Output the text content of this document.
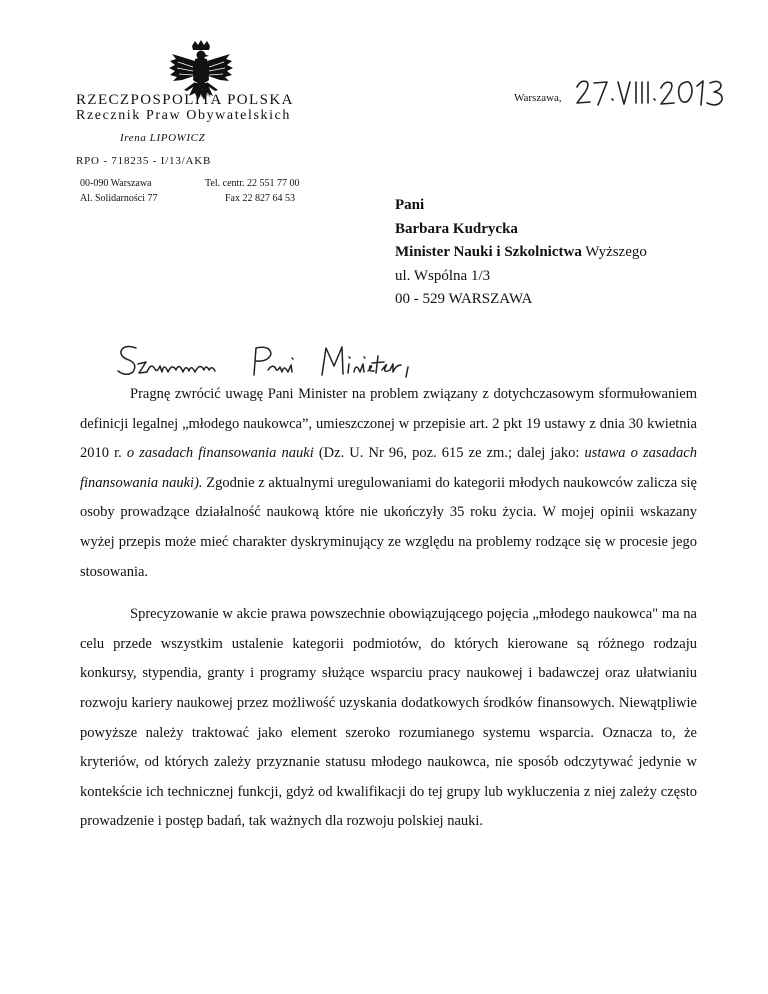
RZECZPOSPOLITA POLSKA
Rzecznik Praw Obywatelskich
Irena LIPOWICZ
RPO - 718235 - I/13/AKB
00-090 Warszawa
Al. Solidarności 77
Tel. centr. 22 551 77 00
Fax 22 827 64 53
Warszawa,
Pani
Barbara Kudrycka
Minister Nauki i Szkolnictwa Wyższego
ul. Wspólna 1/3
00 - 529 WARSZAWA

Pragnę zwrócić uwagę Pani Minister na problem związany z dotychczasowym sformułowaniem definicji legalnej „młodego naukowca”, umieszczonej w przepisie art. 2 pkt 19 ustawy z dnia 30 kwietnia 2010 r. o zasadach finansowania nauki (Dz. U. Nr 96, poz. 615 ze zm.; dalej jako: ustawa o zasadach finansowania nauki). Zgodnie z aktualnymi uregulowaniami do kategorii młodych naukowców zalicza się osoby prowadzące działalność naukową które nie ukończyły 35 roku życia. W mojej opinii wskazany wyżej przepis może mieć charakter dyskryminujący ze względu na problemy rodzące się w procesie jego stosowania.

Sprecyzowanie w akcie prawa powszechnie obowiązującego pojęcia „młodego naukowca" ma na celu przede wszystkim ustalenie kategorii podmiotów, do których kierowane są różnego rodzaju konkursy, stypendia, granty i programy służące wsparciu pracy naukowej i badawczej oraz ułatwianiu rozwoju kariery naukowej przez możliwość uzyskania dodatkowych środków finansowych. Niewątpliwie powyższe należy traktować jako element szeroko rozumianego systemu wsparcia. Oznacza to, że kryteriów, od których zależy przyznanie statusu młodego naukowca, nie sposób odczytywać jedynie w kontekście ich technicznej funkcji, gdyż od kwalifikacji do tej grupy lub wykluczenia z niej zależy często prowadzenie i postęp badań, tak ważnych dla rozwoju polskiej nauki.
